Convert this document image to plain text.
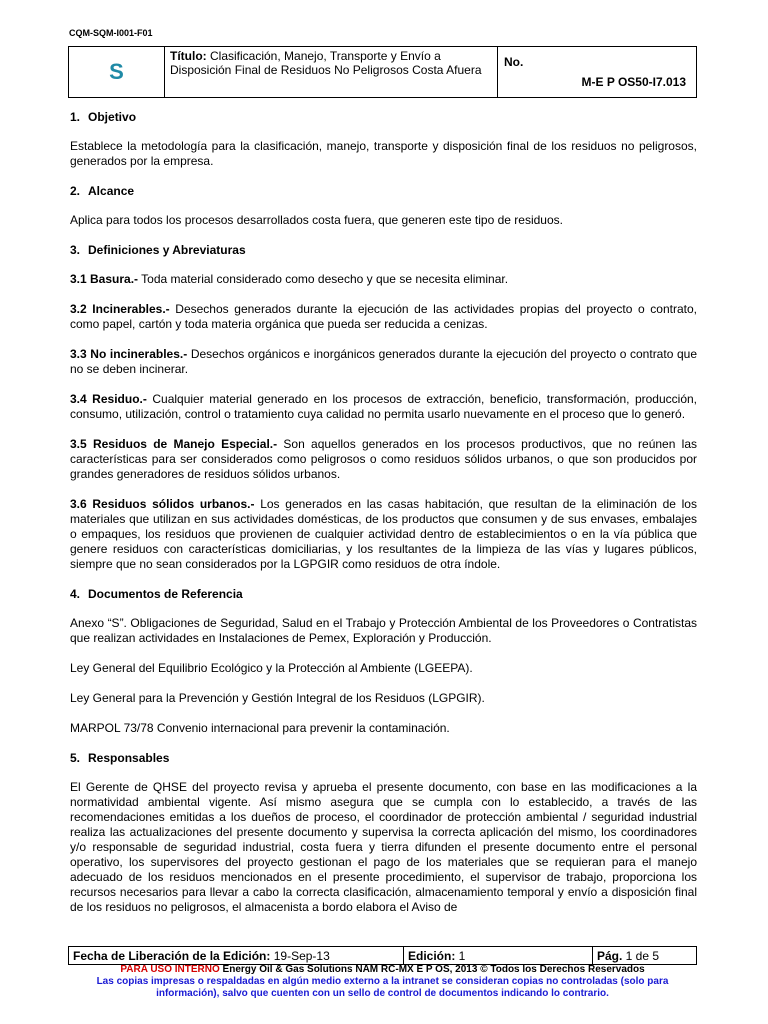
CQM-SQM-I001-F01
S	Título: Clasificación, Manejo, Transporte y Envío a Disposición Final de Residuos No Peligrosos Costa Afuera	No.
M-E P OS50-I7.013
1. Objetivo

Establece la metodología para la clasificación, manejo, transporte y disposición final de los residuos no peligrosos, generados por la empresa.

2. Alcance

Aplica para todos los procesos desarrollados costa fuera, que generen este tipo de residuos.

3. Definiciones y Abreviaturas

3.1 Basura.- Toda material considerado como desecho y que se necesita eliminar.

3.2 Incinerables.- Desechos generados durante la ejecución de las actividades propias del proyecto o contrato, como papel, cartón y toda materia orgánica que pueda ser reducida a cenizas.

3.3 No incinerables.- Desechos orgánicos e inorgánicos generados durante la ejecución del proyecto o contrato que no se deben incinerar.

3.4 Residuo.- Cualquier material generado en los procesos de extracción, beneficio, transformación, producción, consumo, utilización, control o tratamiento cuya calidad no permita usarlo nuevamente en el proceso que lo generó.

3.5 Residuos de Manejo Especial.- Son aquellos generados en los procesos productivos, que no reúnen las características para ser considerados como peligrosos o como residuos sólidos urbanos, o que son producidos por grandes generadores de residuos sólidos urbanos.

3.6 Residuos sólidos urbanos.- Los generados en las casas habitación, que resultan de la eliminación de los materiales que utilizan en sus actividades domésticas, de los productos que consumen y de sus envases, embalajes o empaques, los residuos que provienen de cualquier actividad dentro de establecimientos o en la vía pública que genere residuos con características domiciliarias, y los resultantes de la limpieza de las vías y lugares públicos, siempre que no sean considerados por la LGPGIR como residuos de otra índole.

4. Documentos de Referencia

Anexo “S”. Obligaciones de Seguridad, Salud en el Trabajo y Protección Ambiental de los Proveedores o Contratistas que realizan actividades en Instalaciones de Pemex, Exploración y Producción.

Ley General del Equilibrio Ecológico y la Protección al Ambiente (LGEEPA).

Ley General para la Prevención y Gestión Integral de los Residuos (LGPGIR).

MARPOL 73/78 Convenio internacional para prevenir la contaminación.

5. Responsables

El Gerente de QHSE del proyecto revisa y aprueba el presente documento, con base en las modificaciones a la normatividad ambiental vigente. Así mismo asegura que se cumpla con lo establecido, a través de las recomendaciones emitidas a los dueños de proceso, el coordinador de protección ambiental / seguridad industrial realiza las actualizaciones del presente documento y supervisa la correcta aplicación del mismo, los coordinadores y/o responsable de seguridad industrial, costa fuera y tierra difunden el presente documento entre el personal operativo, los supervisores del proyecto gestionan el pago de los materiales que se requieran para el manejo adecuado de los residuos mencionados en el presente procedimiento, el supervisor de trabajo, proporciona los recursos necesarios para llevar a cabo la correcta clasificación, almacenamiento temporal y envío a disposición final de los residuos no peligrosos, el almacenista a bordo elabora el Aviso de

Fecha de Liberación de la Edición: 19-Sep-13	Edición: 1	Pág. 1 de 5
PARA USO INTERNO Energy Oil & Gas Solutions NAM RC-MX E P OS, 2013 © Todos los Derechos Reservados
Las copias impresas o respaldadas en algún medio externo a la intranet se consideran copias no controladas (solo para información), salvo que cuenten con un sello de control de documentos indicando lo contrario.
